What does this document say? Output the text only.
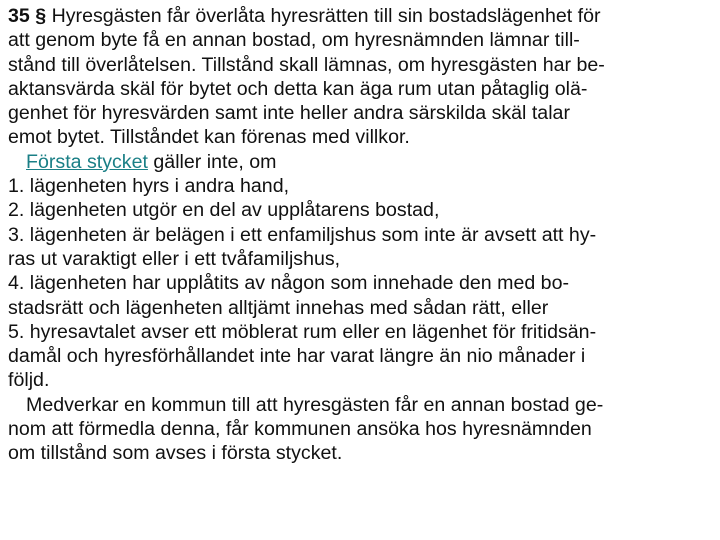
35 § Hyresgästen får överlåta hyresrätten till sin bostadslägenhet för
att genom byte få en annan bostad, om hyresnämnden lämnar till-
stånd till överlåtelsen. Tillstånd skall lämnas, om hyresgästen har be-
aktansvärda skäl för bytet och detta kan äga rum utan påtaglig olä-
genhet för hyresvärden samt inte heller andra särskilda skäl talar
emot bytet. Tillståndet kan förenas med villkor.
Första stycket gäller inte, om
1. lägenheten hyrs i andra hand,
2. lägenheten utgör en del av upplåtarens bostad,
3. lägenheten är belägen i ett enfamiljshus som inte är avsett att hy-
ras ut varaktigt eller i ett tvåfamiljshus,
4. lägenheten har upplåtits av någon som innehade den med bo-
stadsrätt och lägenheten alltjämt innehas med sådan rätt, eller
5. hyresavtalet avser ett möblerat rum eller en lägenhet för fritidsän-
damål och hyresförhållandet inte har varat längre än nio månader i
följd.
Medverkar en kommun till att hyresgästen får en annan bostad ge-
nom att förmedla denna, får kommunen ansöka hos hyresnämnden
om tillstånd som avses i första stycket.
